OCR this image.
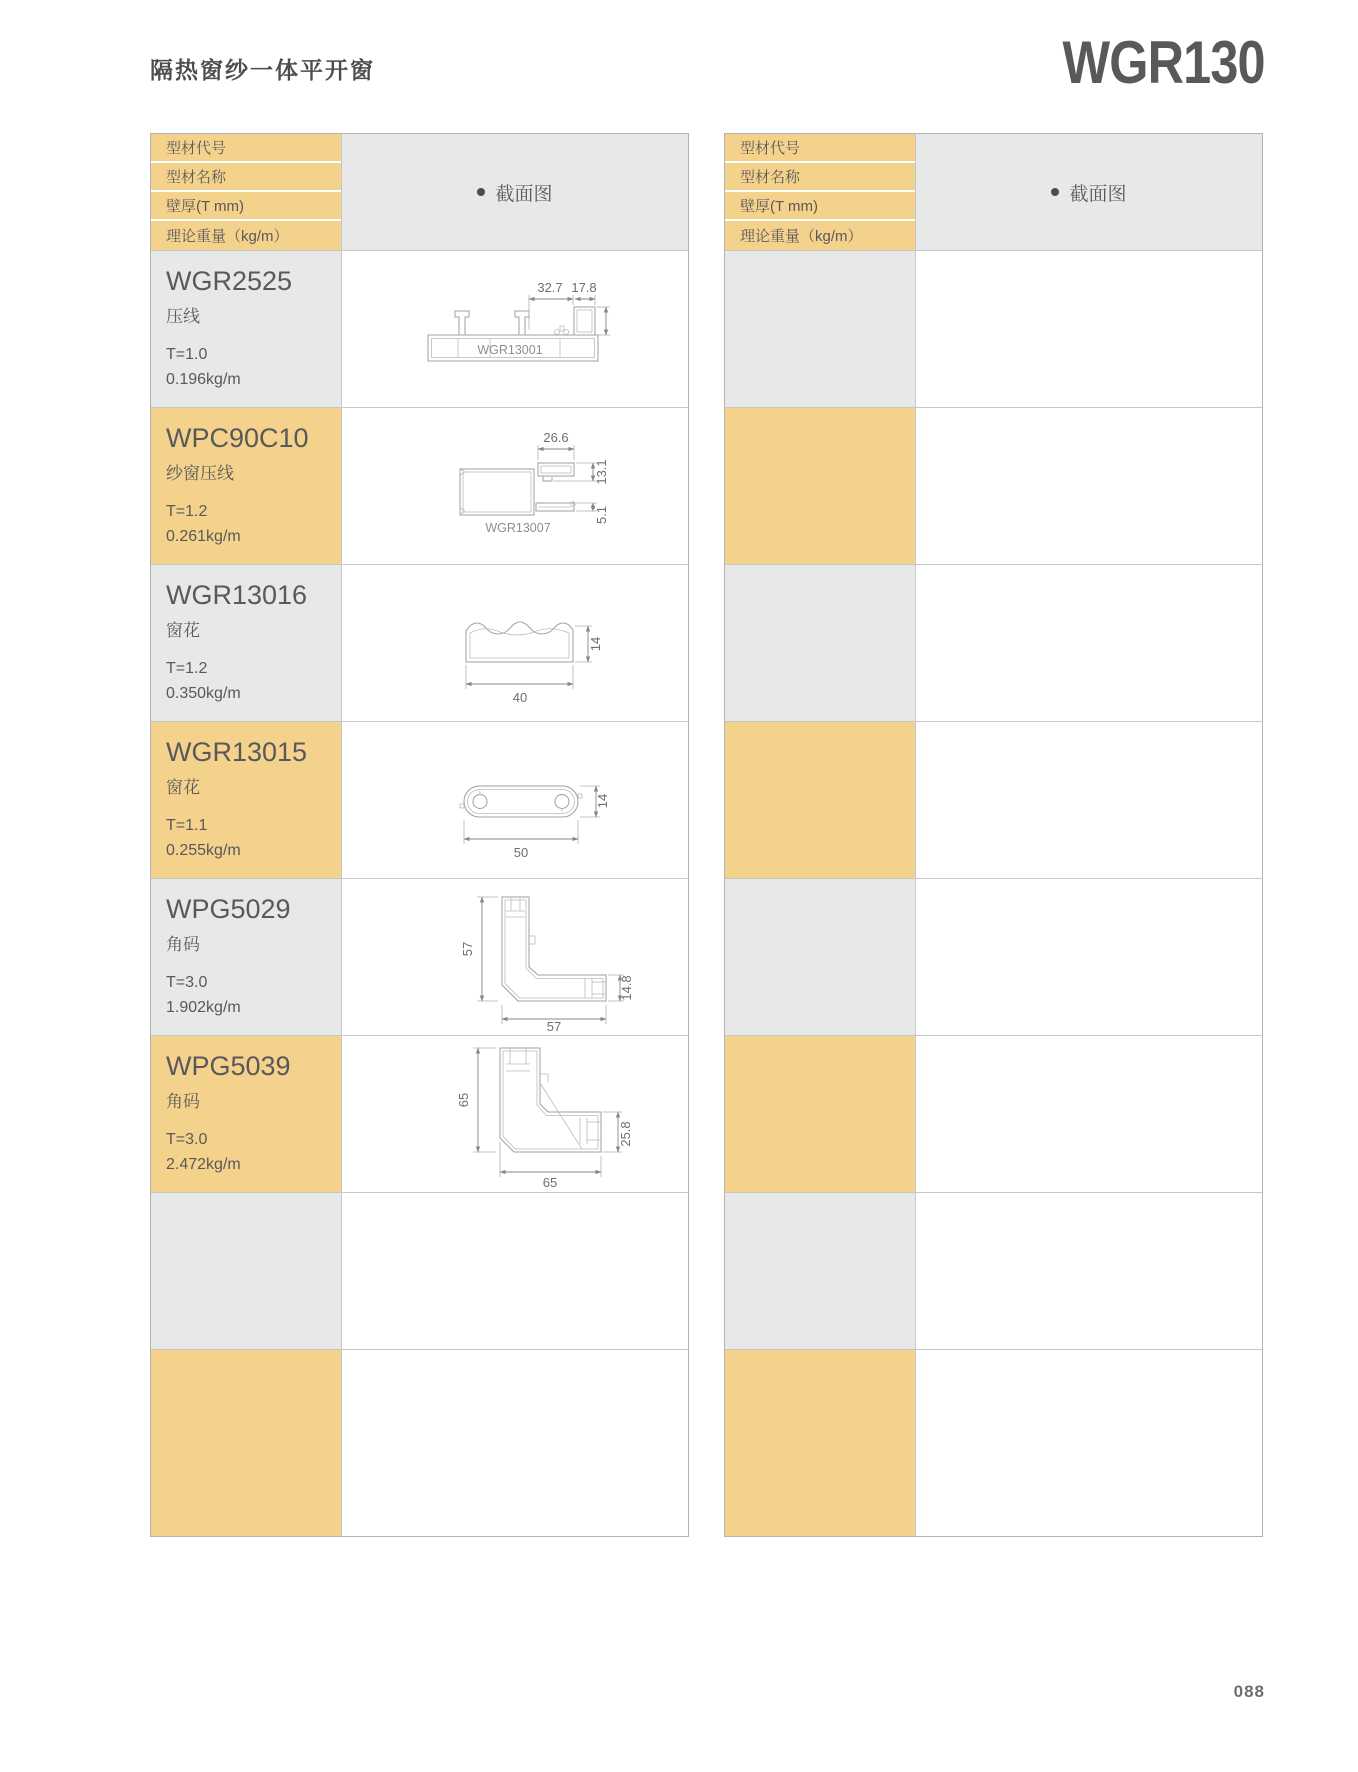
隔热窗纱一体平开窗	WGR130
型材代号
型材名称
壁厚(T mm)
理论重量（kg/m）
截面图
WGR2525
压线
T=1.0
0.196kg/m
32.7 17.8
WGR13001
WPC90C10
纱窗压线
T=1.2
0.261kg/m
26.6
13.1
5.1
WGR13007
WGR13016
窗花
T=1.2
0.350kg/m
14
40
WGR13015
窗花
T=1.1
0.255kg/m
14
50
WPG5029
角码
T=3.0
1.902kg/m
57
57
14.8
WPG5039
角码
T=3.0
2.472kg/m
65
65
25.8
型材代号
型材名称
壁厚(T mm)
理论重量（kg/m）
截面图
088
